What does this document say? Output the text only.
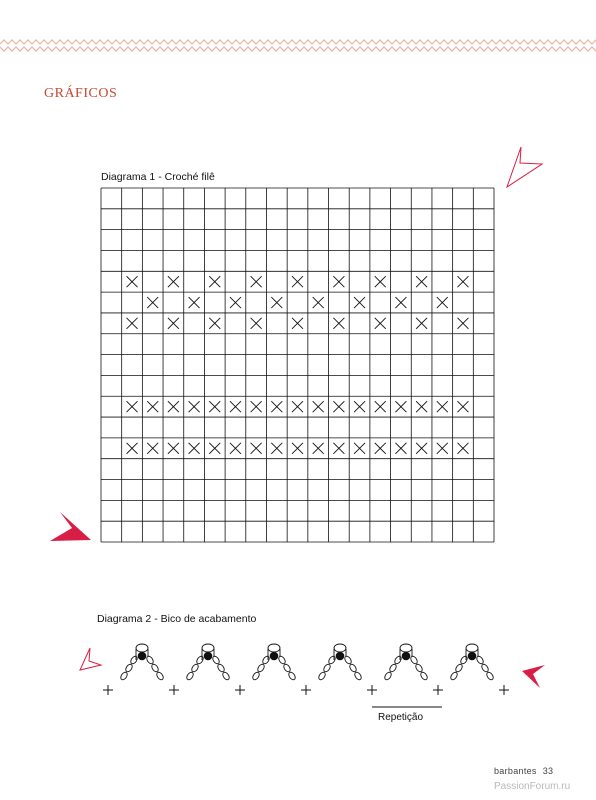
GRÁFICOS
Diagrama 1 - Croché filê
Diagrama 2 - Bico de acabamento
Repetição
barbantes 33
PassionForum.ru
